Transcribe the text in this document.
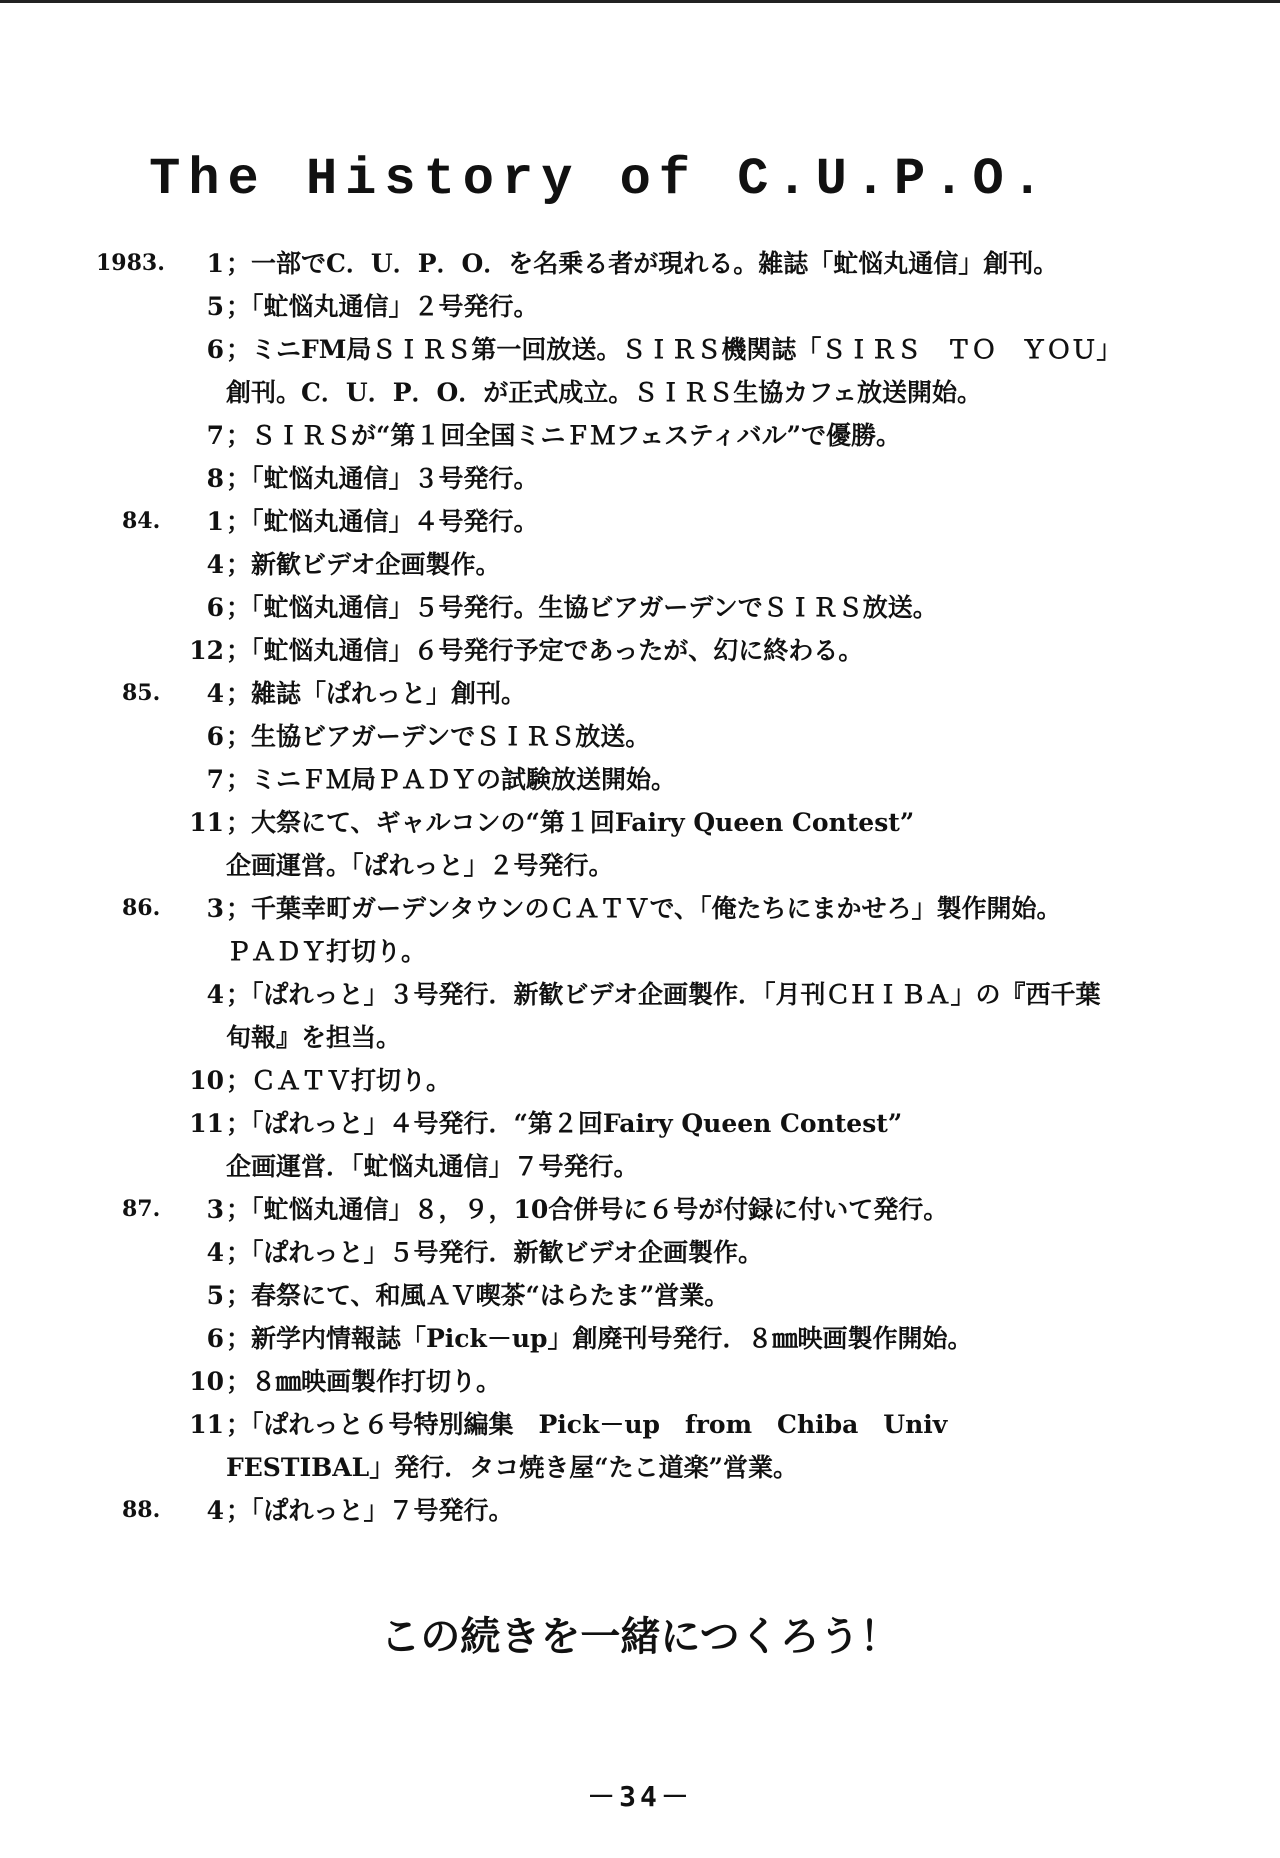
The History of C.U.P.O.
1983.	1 ；一部でC．U．P．O．を名乗る者が現れる。雑誌「虻悩丸通信」創刊。
5 ；「虻悩丸通信」２号発行。
6 ；ミニFM局ＳＩＲＳ第一回放送。ＳＩＲＳ機関誌「ＳＩＲＳ　ＴＯ　ＹＯＵ」
創刊。C．U．P．O．が正式成立。ＳＩＲＳ生協カフェ放送開始。
7 ；ＳＩＲＳが“第１回全国ミニＦＭフェスティバル”で優勝。
8 ；「虻悩丸通信」３号発行。
84.	1 ；「虻悩丸通信」４号発行。
4 ；新歓ビデオ企画製作。
6 ；「虻悩丸通信」５号発行。生協ビアガーデンでＳＩＲＳ放送。
12 ；「虻悩丸通信」６号発行予定であったが、幻に終わる。
85.	4 ；雑誌「ぱれっと」創刊。
6 ；生協ビアガーデンでＳＩＲＳ放送。
7 ；ミニＦＭ局ＰＡＤＹの試験放送開始。
11 ；大祭にて、ギャルコンの“第１回Fairy Queen Contest”
企画運営。「ぱれっと」２号発行。
86.	3 ；千葉幸町ガーデンタウンのＣＡＴＶで、「俺たちにまかせろ」製作開始。
ＰＡＤＹ打切り。
4 ；「ぱれっと」３号発行．新歓ビデオ企画製作．「月刊ＣＨＩＢＡ」の『西千葉
旬報』を担当。
10 ；ＣＡＴＶ打切り。
11 ；「ぱれっと」４号発行．“第２回Fairy Queen Contest”
企画運営．「虻悩丸通信」７号発行。
87.	3 ；「虻悩丸通信」８，９，10合併号に６号が付録に付いて発行。
4 ；「ぱれっと」５号発行．新歓ビデオ企画製作。
5 ；春祭にて、和風ＡＶ喫茶“はらたま”営業。
6 ；新学内情報誌「Pick－up」創廃刊号発行．８㎜映画製作開始。
10 ；８㎜映画製作打切り。
11 ；「ぱれっと６号特別編集　Pick－up　from　Chiba　Univ
FESTIBAL」発行．タコ焼き屋“たこ道楽”営業。
88.	4 ；「ぱれっと」７号発行。
この続きを一緒につくろう！
－34－
